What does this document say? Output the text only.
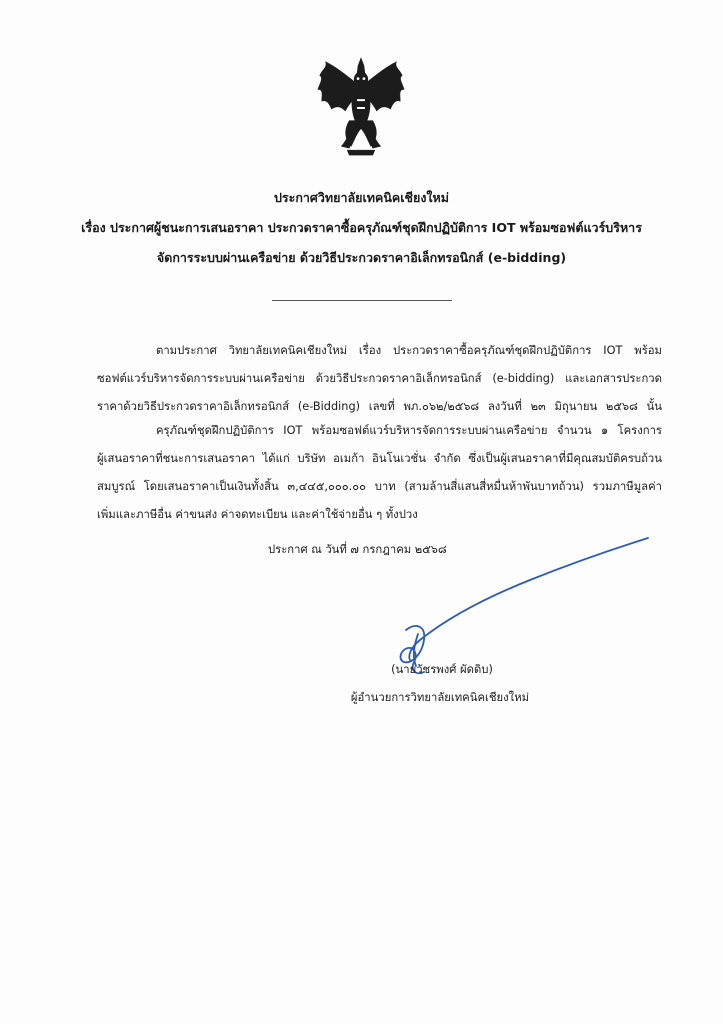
ประกาศวิทยาลัยเทคนิคเชียงใหม่
เรื่อง ประกาศผู้ชนะการเสนอราคา ประกวดราคาซื้อครุภัณฑ์ชุดฝึกปฏิบัติการ IOT พร้อมซอฟต์แวร์บริหาร
จัดการระบบผ่านเครือข่าย ด้วยวิธีประกวดราคาอิเล็กทรอนิกส์ (e-bidding)
ตามประกาศ วิทยาลัยเทคนิคเชียงใหม่ เรื่อง ประกวดราคาซื้อครุภัณฑ์ชุดฝึกปฏิบัติการ IOT พร้อม
ซอฟต์แวร์บริหารจัดการระบบผ่านเครือข่าย ด้วยวิธีประกวดราคาอิเล็กทรอนิกส์ (e-bidding) และเอกสารประกวด
ราคาด้วยวิธีประกวดราคาอิเล็กทรอนิกส์ (e-Bidding) เลขที่ พภ.๐๖๒/๒๕๖๘ ลงวันที่ ๒๓ มิถุนายน ๒๕๖๘ นั้น
ครุภัณฑ์ชุดฝึกปฏิบัติการ IOT พร้อมซอฟต์แวร์บริหารจัดการระบบผ่านเครือข่าย จำนวน ๑ โครงการ
ผู้เสนอราคาที่ชนะการเสนอราคา ได้แก่ บริษัท อเมก้า อินโนเวชั่น จำกัด ซึ่งเป็นผู้เสนอราคาที่มีคุณสมบัติครบถ้วน
สมบูรณ์ โดยเสนอราคาเป็นเงินทั้งสิ้น ๓,๔๔๕,๐๐๐.๐๐ บาท (สามล้านสี่แสนสี่หมื่นห้าพันบาทถ้วน) รวมภาษีมูลค่า
เพิ่มและภาษีอื่น ค่าขนส่ง ค่าจดทะเบียน และค่าใช้จ่ายอื่น ๆ ทั้งปวง
ประกาศ ณ วันที่ ๗ กรกฎาคม ๒๕๖๘
(นายวัชรพงศ์ ผัดดิบ)
ผู้อำนวยการวิทยาลัยเทคนิคเชียงใหม่
